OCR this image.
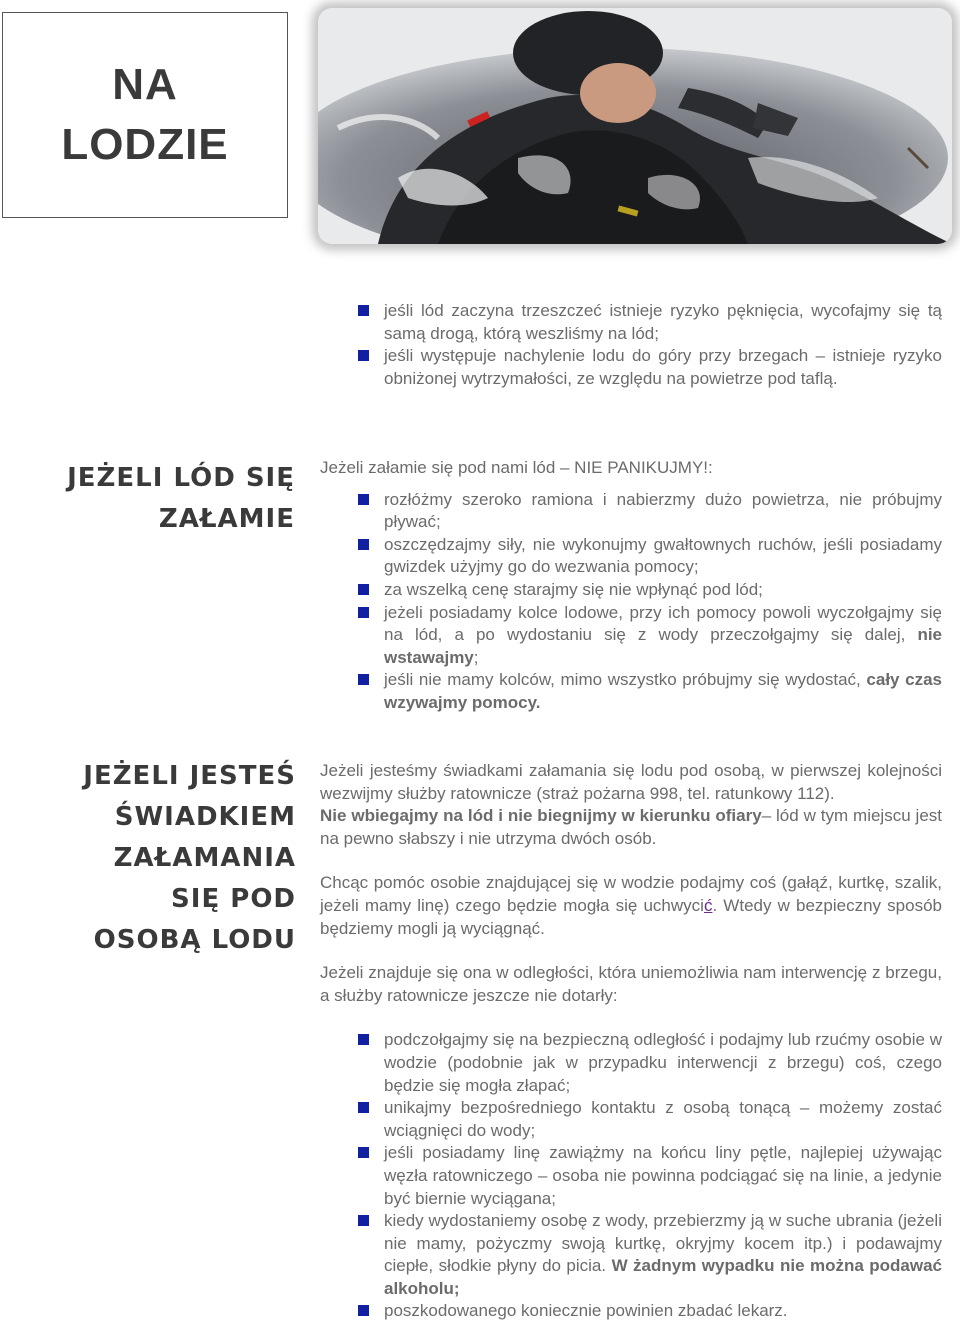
NA
LODZIE
jeśli lód zaczyna trzeszczeć istnieje ryzyko pęknięcia, wycofajmy się tą samą drogą, którą weszliśmy na lód;
jeśli występuje nachylenie lodu do góry przy brzegach – istnieje ryzyko obniżonej wytrzymałości, ze względu na powietrze pod taflą.
JEŻELI LÓD SIĘ
ZAŁAMIE

Jeżeli załamie się pod nami lód – NIE PANIKUJMY!:

rozłóżmy szeroko ramiona i nabierzmy dużo powietrza, nie próbujmy pływać;
oszczędzajmy siły, nie wykonujmy gwałtownych ruchów, jeśli posiadamy gwizdek użyjmy go do wezwania pomocy;
za wszelką cenę starajmy się nie wpłynąć pod lód;
jeżeli posiadamy kolce lodowe, przy ich pomocy powoli wyczołgajmy się na lód, a po wydostaniu się z wody przeczołgajmy się dalej, nie wstawajmy;
jeśli nie mamy kolców, mimo wszystko próbujmy się wydostać, cały czas wzywajmy pomocy.
JEŻELI JESTEŚ
ŚWIADKIEM
ZAŁAMANIA
SIĘ POD
OSOBĄ LODU

Jeżeli jesteśmy świadkami załamania się lodu pod osobą, w pierwszej kolejności wezwijmy służby ratownicze (straż pożarna 998, tel. ratunkowy 112).

Nie wbiegajmy na lód i nie biegnijmy w kierunku ofiary– lód w tym miejscu jest na pewno słabszy i nie utrzyma dwóch osób.

Chcąc pomóc osobie znajdującej się w wodzie podajmy coś (gałąź, kurtkę, szalik, jeżeli mamy linę) czego będzie mogła się uchwycić. Wtedy w bezpieczny sposób będziemy mogli ją wyciągnąć.

Jeżeli znajduje się ona w odległości, która uniemożliwia nam interwencję z brzegu, a służby ratownicze jeszcze nie dotarły:

podczołgajmy się na bezpieczną odległość i podajmy lub rzućmy osobie w wodzie (podobnie jak w przypadku interwencji z brzegu) coś, czego będzie się mogła złapać;
unikajmy bezpośredniego kontaktu z osobą tonącą – możemy zostać wciągnięci do wody;
jeśli posiadamy linę zawiążmy na końcu liny pętle, najlepiej używając węzła ratowniczego – osoba nie powinna podciągać się na linie, a jedynie być biernie wyciągana;
kiedy wydostaniemy osobę z wody, przebierzmy ją w suche ubrania (jeżeli nie mamy, pożyczmy swoją kurtkę, okryjmy kocem itp.) i podawajmy ciepłe, słodkie płyny do picia. W żadnym wypadku nie można podawać alkoholu;
poszkodowanego koniecznie powinien zbadać lekarz.
